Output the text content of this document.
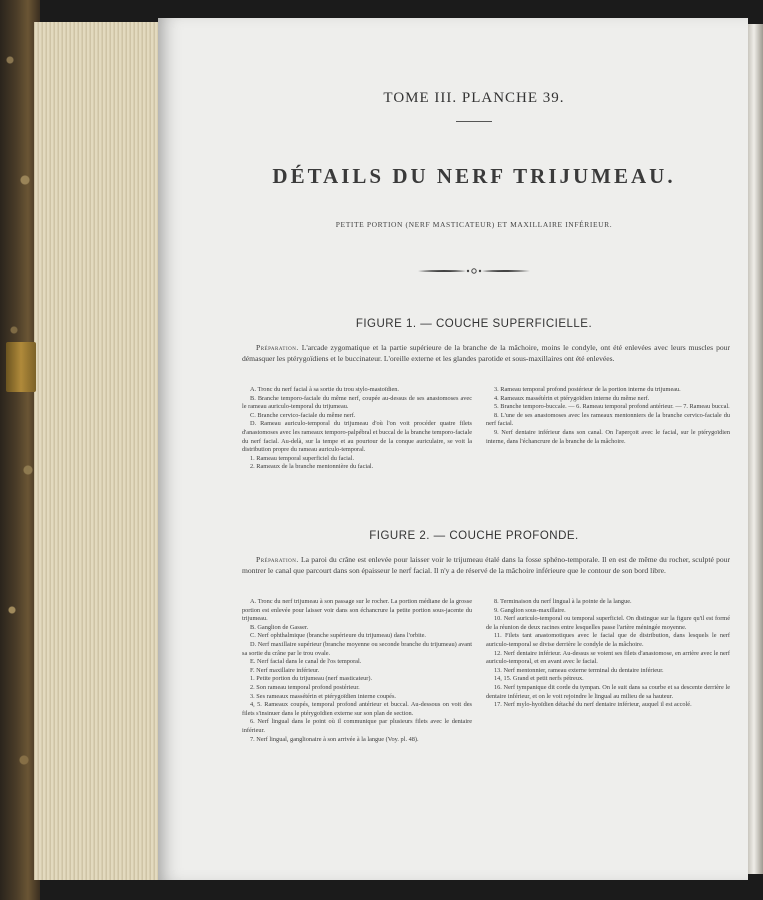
TOME III. PLANCHE 39.
DÉTAILS DU NERF TRIJUMEAU.
PETITE PORTION (NERF MASTICATEUR) ET MAXILLAIRE INFÉRIEUR.
FIGURE 1. — COUCHE SUPERFICIELLE.
Préparation. L'arcade zygomatique et la partie supérieure de la branche de la mâchoire, moins le condyle, ont été enlevées avec leurs muscles pour démasquer les ptérygoïdiens et le buccinateur. L'oreille externe et les glandes parotide et sous-maxillaires ont été enlevées.

A. Tronc du nerf facial à sa sortie du trou stylo-mastoïdien.

B. Branche temporo-faciale du même nerf, coupée au-dessus de ses anastomoses avec le rameau auriculo-temporal du trijumeau.

C. Branche cervico-faciale du même nerf.

D. Rameau auriculo-temporal du trijumeau d'où l'on voit procéder quatre filets d'anastomoses avec les rameaux temporo-palpébral et buccal de la branche temporo-faciale du nerf facial. Au-delà, sur la tempe et au pourtour de la conque auriculaire, se voit la distribution propre du rameau auriculo-temporal.

1. Rameau temporal superficiel du facial.

2. Rameaux de la branche mentonnière du facial.

3. Rameau temporal profond postérieur de la portion interne du trijumeau.

4. Rameaux massétérin et ptérygoïdien interne du même nerf.

5. Branche temporo-buccale. — 6. Rameau temporal profond antérieur. — 7. Rameau buccal.

8. L'une de ses anastomoses avec les rameaux mentonniers de la branche cervico-faciale du nerf facial.

9. Nerf dentaire inférieur dans son canal. On l'aperçoit avec le facial, sur le ptérygoïdien interne, dans l'échancrure de la branche de la mâchoire.

FIGURE 2. — COUCHE PROFONDE.
Préparation. La paroi du crâne est enlevée pour laisser voir le trijumeau étalé dans la fosse sphéno-temporale. Il en est de même du rocher, sculpté pour montrer le canal que parcourt dans son épaisseur le nerf facial. Il n'y a de réservé de la mâchoire inférieure que le contour de son bord libre.

A. Tronc du nerf trijumeau à son passage sur le rocher. La portion médiane de la grosse portion est enlevée pour laisser voir dans son échancrure la petite portion sous-jacente du trijumeau.

B. Ganglion de Gasser.

C. Nerf ophthalmique (branche supérieure du trijumeau) dans l'orbite.

D. Nerf maxillaire supérieur (branche moyenne ou seconde branche du trijumeau) avant sa sortie du crâne par le trou ovale.

E. Nerf facial dans le canal de l'os temporal.

F. Nerf maxillaire inférieur.

1. Petite portion du trijumeau (nerf masticateur).

2. Son rameau temporal profond postérieur.

3. Ses rameaux massétérin et ptérygoïdien interne coupés.

4, 5. Rameaux coupés, temporal profond antérieur et buccal. Au-dessous on voit des filets s'insinuer dans le ptérygoïdien externe sur son plan de section.

6. Nerf lingual dans le point où il communique par plusieurs filets avec le dentaire inférieur.

7. Nerf lingual, ganglionaire à son arrivée à la langue (Voy. pl. 48).

8. Terminaison du nerf lingual à la pointe de la langue.

9. Ganglion sous-maxillaire.

10. Nerf auriculo-temporal ou temporal superficiel. On distingue sur la figure qu'il est formé de la réunion de deux racines entre lesquelles passe l'artère méningée moyenne.

11. Filets tant anastomotiques avec le facial que de distribution, dans lesquels le nerf auriculo-temporal se divise derrière le condyle de la mâchoire.

12. Nerf dentaire inférieur. Au-dessus se voient ses filets d'anastomose, en arrière avec le nerf auriculo-temporal, et en avant avec le facial.

13. Nerf mentonnier, rameau externe terminal du dentaire inférieur.

14, 15. Grand et petit nerfs pétreux.

16. Nerf tympanique dit corde du tympan. On le suit dans sa courbe et sa descente derrière le dentaire inférieur, et on le voit rejoindre le lingual au milieu de sa hauteur.

17. Nerf mylo-hyoïdien détaché du nerf dentaire inférieur, auquel il est accolé.
